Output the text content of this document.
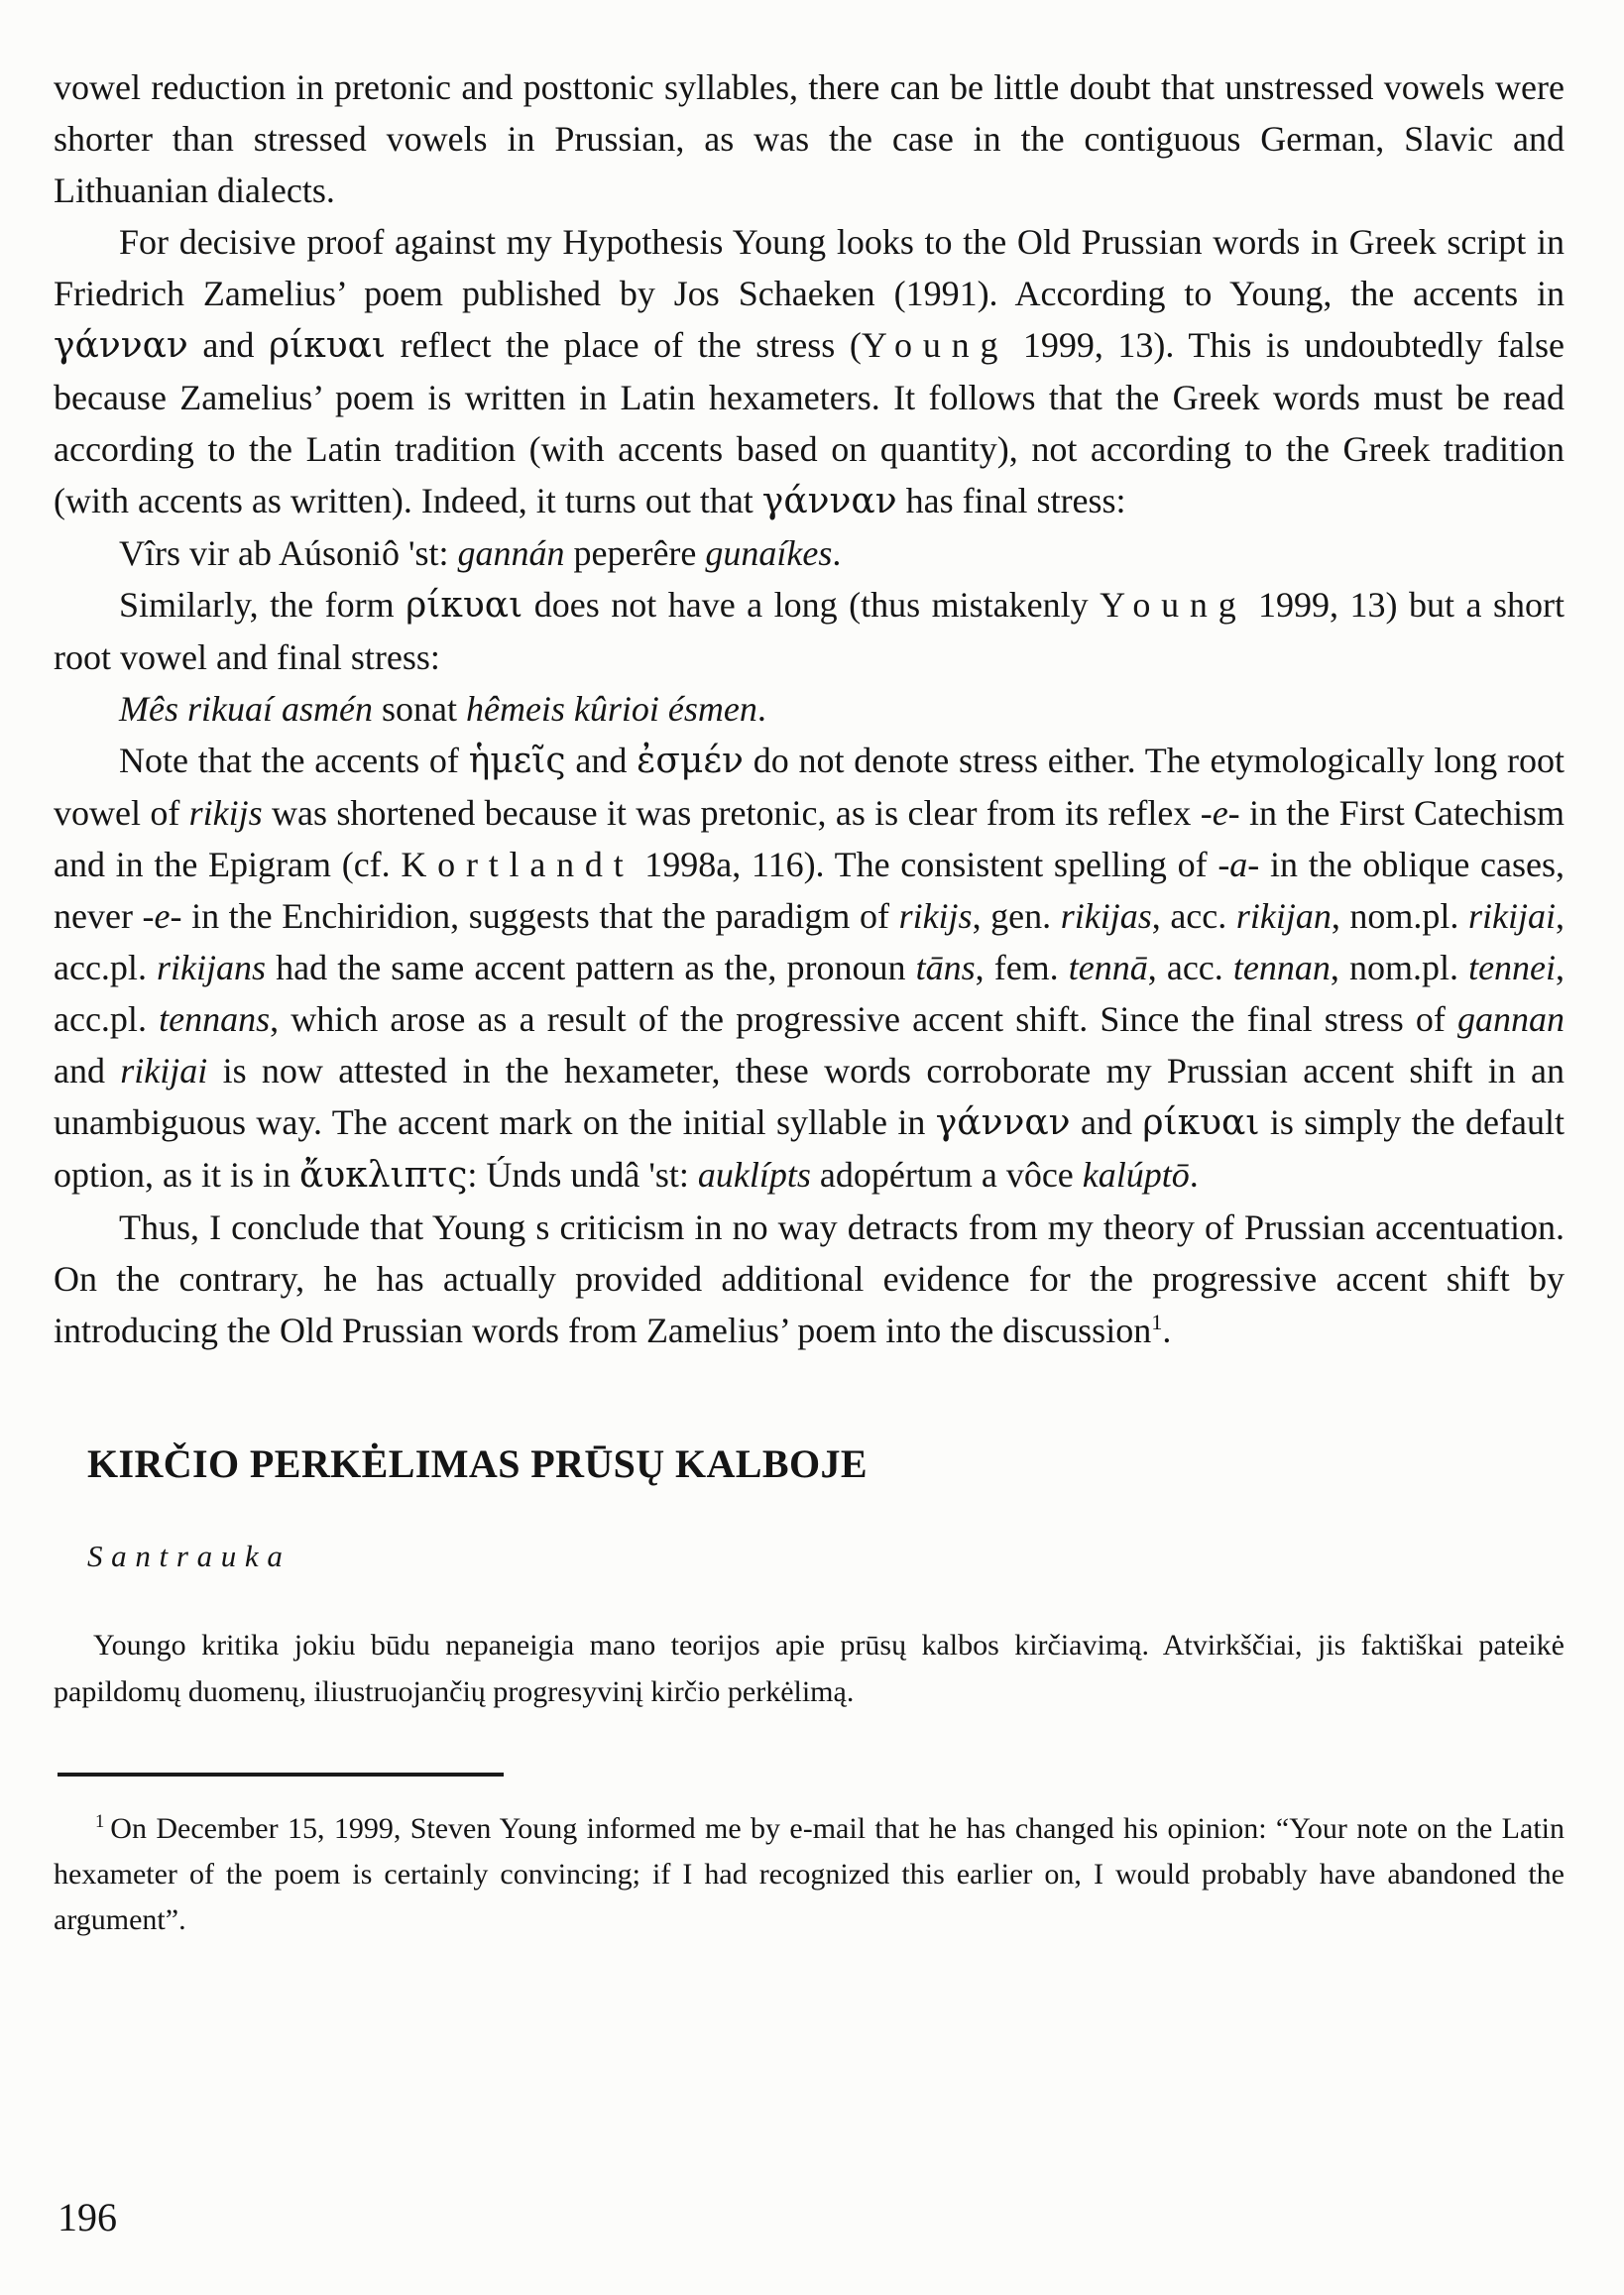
vowel reduction in pretonic and posttonic syllables, there can be little doubt that unstressed vowels were shorter than stressed vowels in Prussian, as was the case in the contiguous German, Slavic and Lithuanian dialects.

For decisive proof against my Hypothesis Young looks to the Old Prussian words in Greek script in Friedrich Zamelius’ poem published by Jos Schaeken (1991). According to Young, the accents in γάνναν and ρίκυαι reflect the place of the stress (Young 1999, 13). This is undoubtedly false because Zamelius’ poem is written in Latin hexameters. It follows that the Greek words must be read according to the Latin tradition (with accents based on quantity), not according to the Greek tradition (with accents as written). Indeed, it turns out that γάνναν has final stress:

Vîrs vir ab Aúsoniô 'st: gannán peperêre gunaíkes.

Similarly, the form ρίκυαι does not have a long (thus mistakenly Young 1999, 13) but a short root vowel and final stress:

Mês rikuaí asmén sonat hêmeis kûrioi ésmen.

Note that the accents of ἡμεῖς and ἐσμέν do not denote stress either. The etymologically long root vowel of rikijs was shortened because it was pretonic, as is clear from its reflex -e- in the First Catechism and in the Epigram (cf. Kortlandt 1998a, 116). The consistent spelling of -a- in the oblique cases, never -e- in the Enchiridion, suggests that the paradigm of rikijs, gen. rikijas, acc. rikijan, nom.pl. rikijai, acc.pl. rikijans had the same accent pattern as the, pronoun tāns, fem. tennā, acc. tennan, nom.pl. tennei, acc.pl. tennans, which arose as a result of the progressive accent shift. Since the final stress of gannan and rikijai is now attested in the hexameter, these words corroborate my Prussian accent shift in an unambiguous way. The accent mark on the initial syllable in γάνναν and ρίκυαι is simply the default option, as it is in ἄυκλιπτς: Únds undâ 'st: auklípts adopértum a vôce kalúptō.

Thus, I conclude that Young s criticism in no way detracts from my theory of Prussian accentuation. On the contrary, he has actually provided additional evidence for the progressive accent shift by introducing the Old Prussian words from Zamelius’ poem into the discussion$^1$.

KIRČIO PERKĖLIMAS PRŪSŲ KALBOJE
Santrauka

Youngo kritika jokiu būdu nepaneigia mano teorijos apie prūsų kalbos kirčiavimą. Atvirkščiai, jis faktiškai pateikė papildomų duomenų, iliustruojančių progresyvinį kirčio perkėlimą.

$^1$ On December 15, 1999, Steven Young informed me by e-mail that he has changed his opinion: “Your note on the Latin hexameter of the poem is certainly convincing; if I had recognized this earlier on, I would probably have abandoned the argument”.

196
